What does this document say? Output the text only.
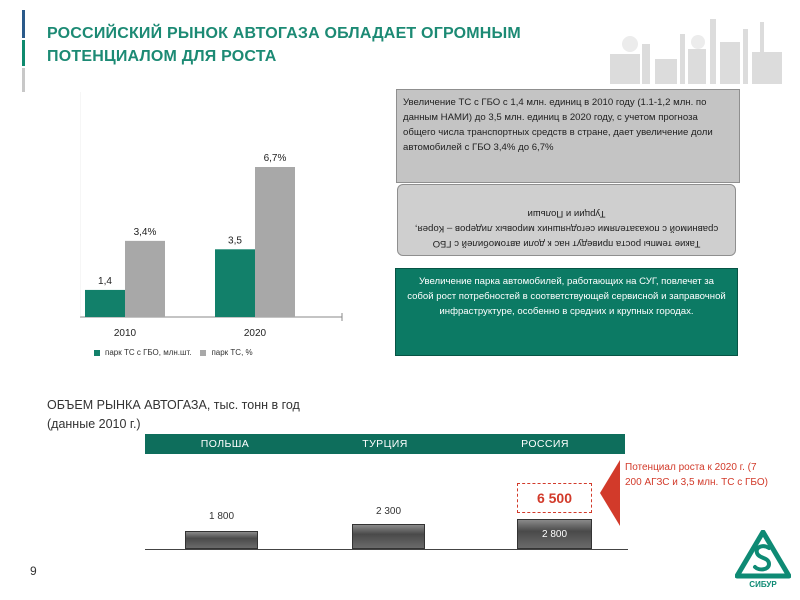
РОССИЙСКИЙ РЫНОК АВТОГАЗА ОБЛАДАЕТ ОГРОМНЫМ ПОТЕНЦИАЛОМ ДЛЯ РОСТА
1,4
3,4%
2010
3,5
6,7%
2020
парк ТС с ГБО, млн.шт.	парк ТС, %
Увеличение ТС с ГБО с 1,4 млн. единиц в 2010 году (1.1-1,2 млн. по данным НАМИ) до 3,5 млн. единиц в 2020 году, с учетом прогноза общего числа транспортных средств в стране, дает увеличение доли автомобилей с ГБО 3,4% до 6,7%
Такие темпы роста приведут нас к доли автомобилей с ГБО сравнимой с показателями сегодняшних мировых лидеров – Корея, Турции и Польши
Увеличение парка автомобилей, работающих на СУГ, повлечет за собой рост потребностей в соответствующей сервисной и заправочной инфраструктуре, особенно в средних и крупных городах.
ОБЪЕМ РЫНКА АВТОГАЗА, тыс. тонн в год
(данные 2010 г.)
ПОЛЬША	ТУРЦИЯ	РОССИЯ
1 800	2 300
2 800
6 500
Потенциал роста к 2020 г. (7 200 АГЗС и 3,5 млн. ТС с ГБО)
9
СИБУР
